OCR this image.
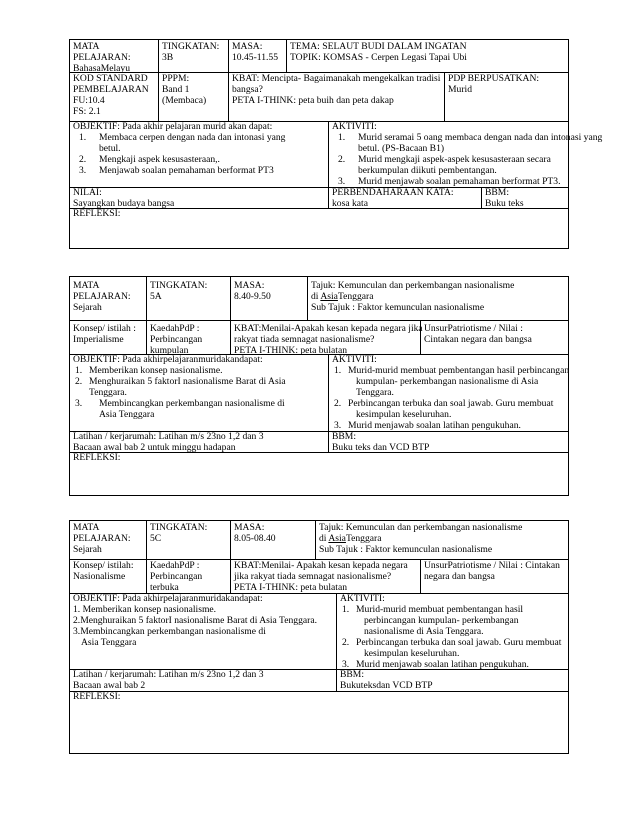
MATA
PELAJARAN:
BahasaMelayu
TINGKATAN:
3B
MASA:
10.45-11.55
TEMA: SELAUT BUDI DALAM INGATAN
TOPIK: KOMSAS - Cerpen Legasi Tapai Ubi
KOD STANDARD
PEMBELAJARAN
FU:10.4
FS: 2.1
PPPM:
Band 1
(Membaca)
KBAT: Mencipta- Bagaimanakah mengekalkan tradisi
bangsa?
PETA I-THINK: peta buih dan peta dakap
PDP BERPUSATKAN:
Murid
OBJEKTIF: Pada akhir pelajaran murid akan dapat:
1. Membaca cerpen dengan nada dan intonasi yang
betul.
2. Mengkaji aspek kesusasteraan,.
3. Menjawab soalan pemahaman berformat PT3
AKTIVITI:
1. Murid seramai 5 oang membaca dengan nada dan intonasi yang
betul. (PS-Bacaan B1)
2. Murid mengkaji aspek-aspek kesusasteraan secara
berkumpulan diikuti pembentangan.
3. Murid menjawab soalan pemahaman berformat PT3.
NILAI:
Sayangkan budaya bangsa
PERBENDAHARAAN KATA:
kosa kata
BBM:
Buku teks
REFLEKSI:
MATA
PELAJARAN:
Sejarah
TINGKATAN:
5A
MASA:
8.40-9.50
Tajuk: Kemunculan dan perkembangan nasionalisme
di AsiaTenggara
Sub Tajuk : Faktor kemunculan nasionalisme
Konsep/ istilah :
Imperialisme
KaedahPdP :
Perbincangan
kumpulan
KBAT:Menilai-Apakah kesan kepada negara jika
rakyat tiada semnagat nasionalisme?
PETA I-THINK: peta bulatan
UnsurPatriotisme / Nilai :
Cintakan negara dan bangsa
OBJEKTIF: Pada akhirpelajaranmuridakandapat:
1. Memberikan konsep nasionalisme.
2. Menghuraikan 5 faktorI nasionalisme Barat di Asia
Tenggara.
3. Membincangkan perkembangan nasionalisme di
Asia Tenggara
AKTIVITI:
1. Murid-murid membuat pembentangan hasil perbincangan
kumpulan- perkembangan nasionalisme di Asia
Tenggara.
2. Perbincangan terbuka dan soal jawab. Guru membuat
kesimpulan keseluruhan.
3. Murid menjawab soalan latihan pengukuhan.
Latihan / kerjarumah: Latihan m/s 23no 1,2 dan 3
Bacaan awal bab 2 untuk minggu hadapan
BBM:
Buku teks dan VCD BTP
REFLEKSI:
MATA
PELAJARAN:
Sejarah
TINGKATAN:
5C
MASA:
8.05-08.40
Tajuk: Kemunculan dan perkembangan nasionalisme
di AsiaTenggara
Sub Tajuk : Faktor kemunculan nasionalisme
Konsep/ istilah:
Nasionalisme
KaedahPdP :
Perbincangan
terbuka
KBAT:Menilai- Apakah kesan kepada negara
jika rakyat tiada semnagat nasionalisme?
PETA I-THINK: peta bulatan
UnsurPatriotisme / Nilai : Cintakan
negara dan bangsa
OBJEKTIF: Pada akhirpelajaranmuridakandapat:
1. Memberikan konsep nasionalisme.
2.Menghuraikan 5 faktorI nasionalisme Barat di Asia Tenggara.
3.Membincangkan perkembangan nasionalisme di
Asia Tenggara
AKTIVITI:
1. Murid-murid membuat pembentangan hasil
perbincangan kumpulan- perkembangan
nasionalisme di Asia Tenggara.
2. Perbincangan terbuka dan soal jawab. Guru membuat
kesimpulan keseluruhan.
3. Murid menjawab soalan latihan pengukuhan.
Latihan / kerjarumah: Latihan m/s 23no 1,2 dan 3
Bacaan awal bab 2
BBM:
Bukuteksdan VCD BTP
REFLEKSI:
